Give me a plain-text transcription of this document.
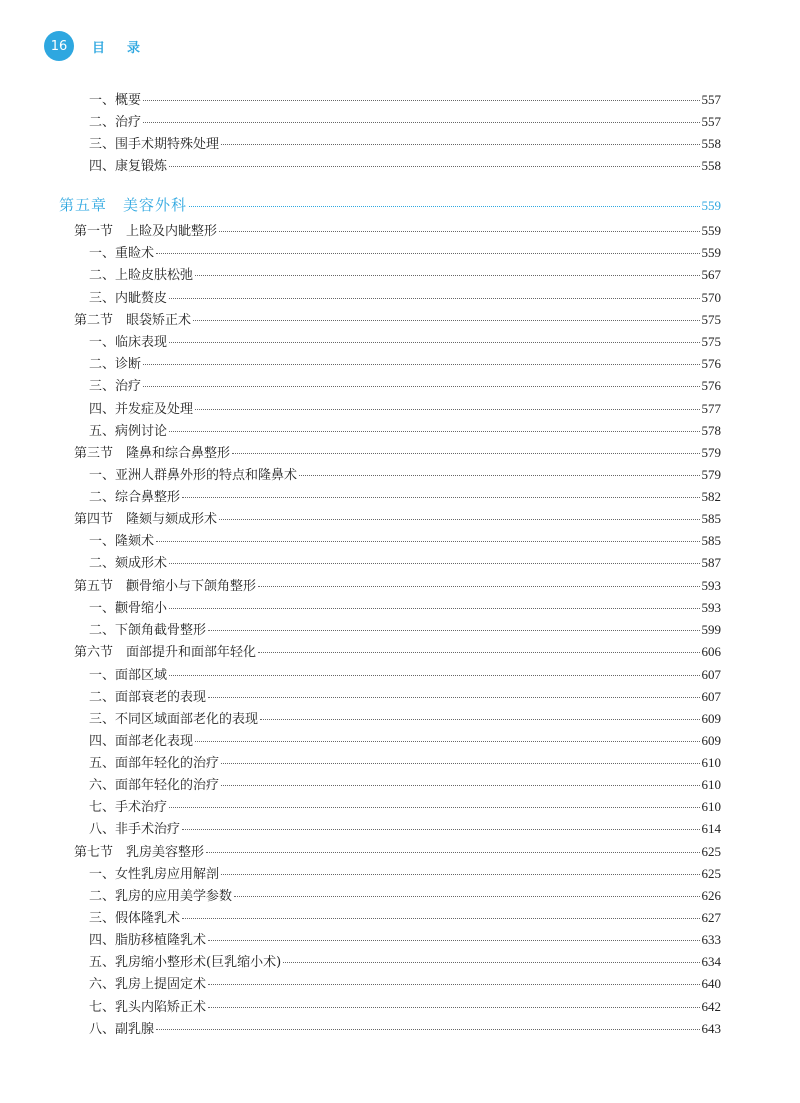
16	目录
一、概要	557
二、治疗	557
三、围手术期特殊处理	558
四、康复锻炼	558
第五章　美容外科	559
第一节　上睑及内眦整形	559
一、重睑术	559
二、上睑皮肤松弛	567
三、内眦赘皮	570
第二节　眼袋矫正术	575
一、临床表现	575
二、诊断	576
三、治疗	576
四、并发症及处理	577
五、病例讨论	578
第三节　隆鼻和综合鼻整形	579
一、亚洲人群鼻外形的特点和隆鼻术	579
二、综合鼻整形	582
第四节　隆颏与颏成形术	585
一、隆颏术	585
二、颏成形术	587
第五节　颧骨缩小与下颌角整形	593
一、颧骨缩小	593
二、下颌角截骨整形	599
第六节　面部提升和面部年轻化	606
一、面部区域	607
二、面部衰老的表现	607
三、不同区域面部老化的表现	609
四、面部老化表现	609
五、面部年轻化的治疗	610
六、面部年轻化的治疗	610
七、手术治疗	610
八、非手术治疗	614
第七节　乳房美容整形	625
一、女性乳房应用解剖	625
二、乳房的应用美学参数	626
三、假体隆乳术	627
四、脂肪移植隆乳术	633
五、乳房缩小整形术(巨乳缩小术)	634
六、乳房上提固定术	640
七、乳头内陷矫正术	642
八、副乳腺	643
